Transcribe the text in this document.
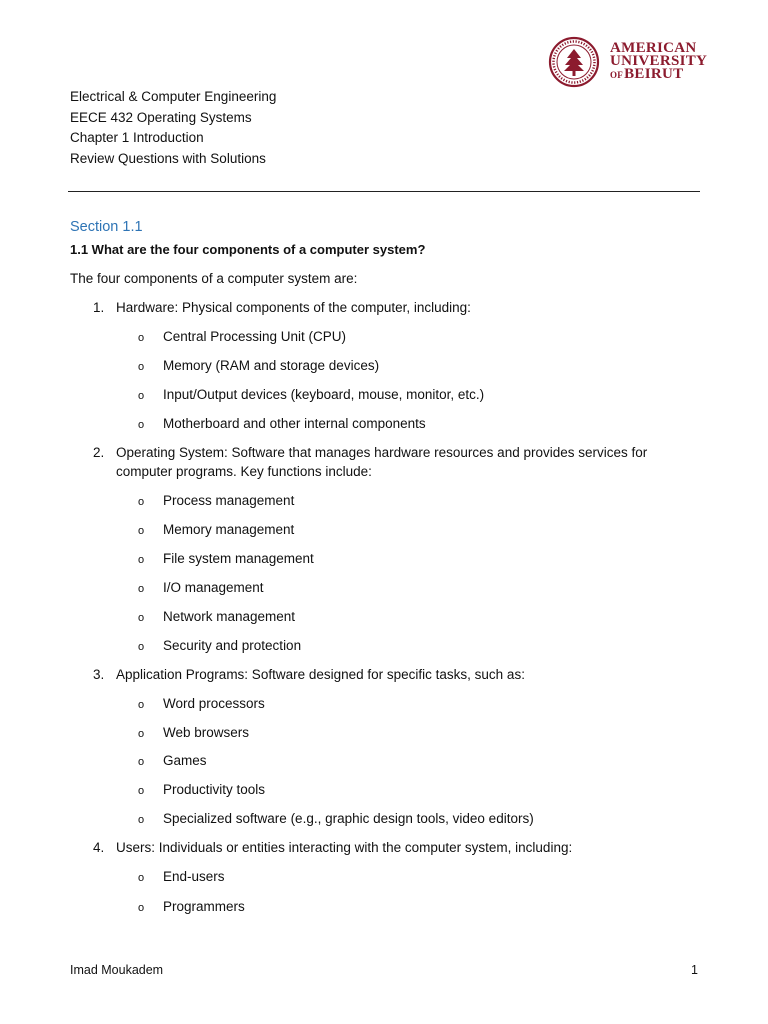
AMERICAN
UNIVERSITY
OFBEIRUT
Electrical & Computer Engineering
EECE 432 Operating Systems
Chapter 1 Introduction
Review Questions with Solutions
Section 1.1
1.1 What are the four components of a computer system?
The four components of a computer system are:
1. Hardware: Physical components of the computer, including:
o Central Processing Unit (CPU)
o Memory (RAM and storage devices)
o Input/Output devices (keyboard, mouse, monitor, etc.)
o Motherboard and other internal components
2. Operating System: Software that manages hardware resources and provides services for
computer programs. Key functions include:
o Process management
o Memory management
o File system management
o I/O management
o Network management
o Security and protection
3. Application Programs: Software designed for specific tasks, such as:
o Word processors
o Web browsers
o Games
o Productivity tools
o Specialized software (e.g., graphic design tools, video editors)
4. Users: Individuals or entities interacting with the computer system, including:
o End-users
o Programmers
Imad Moukadem	1
